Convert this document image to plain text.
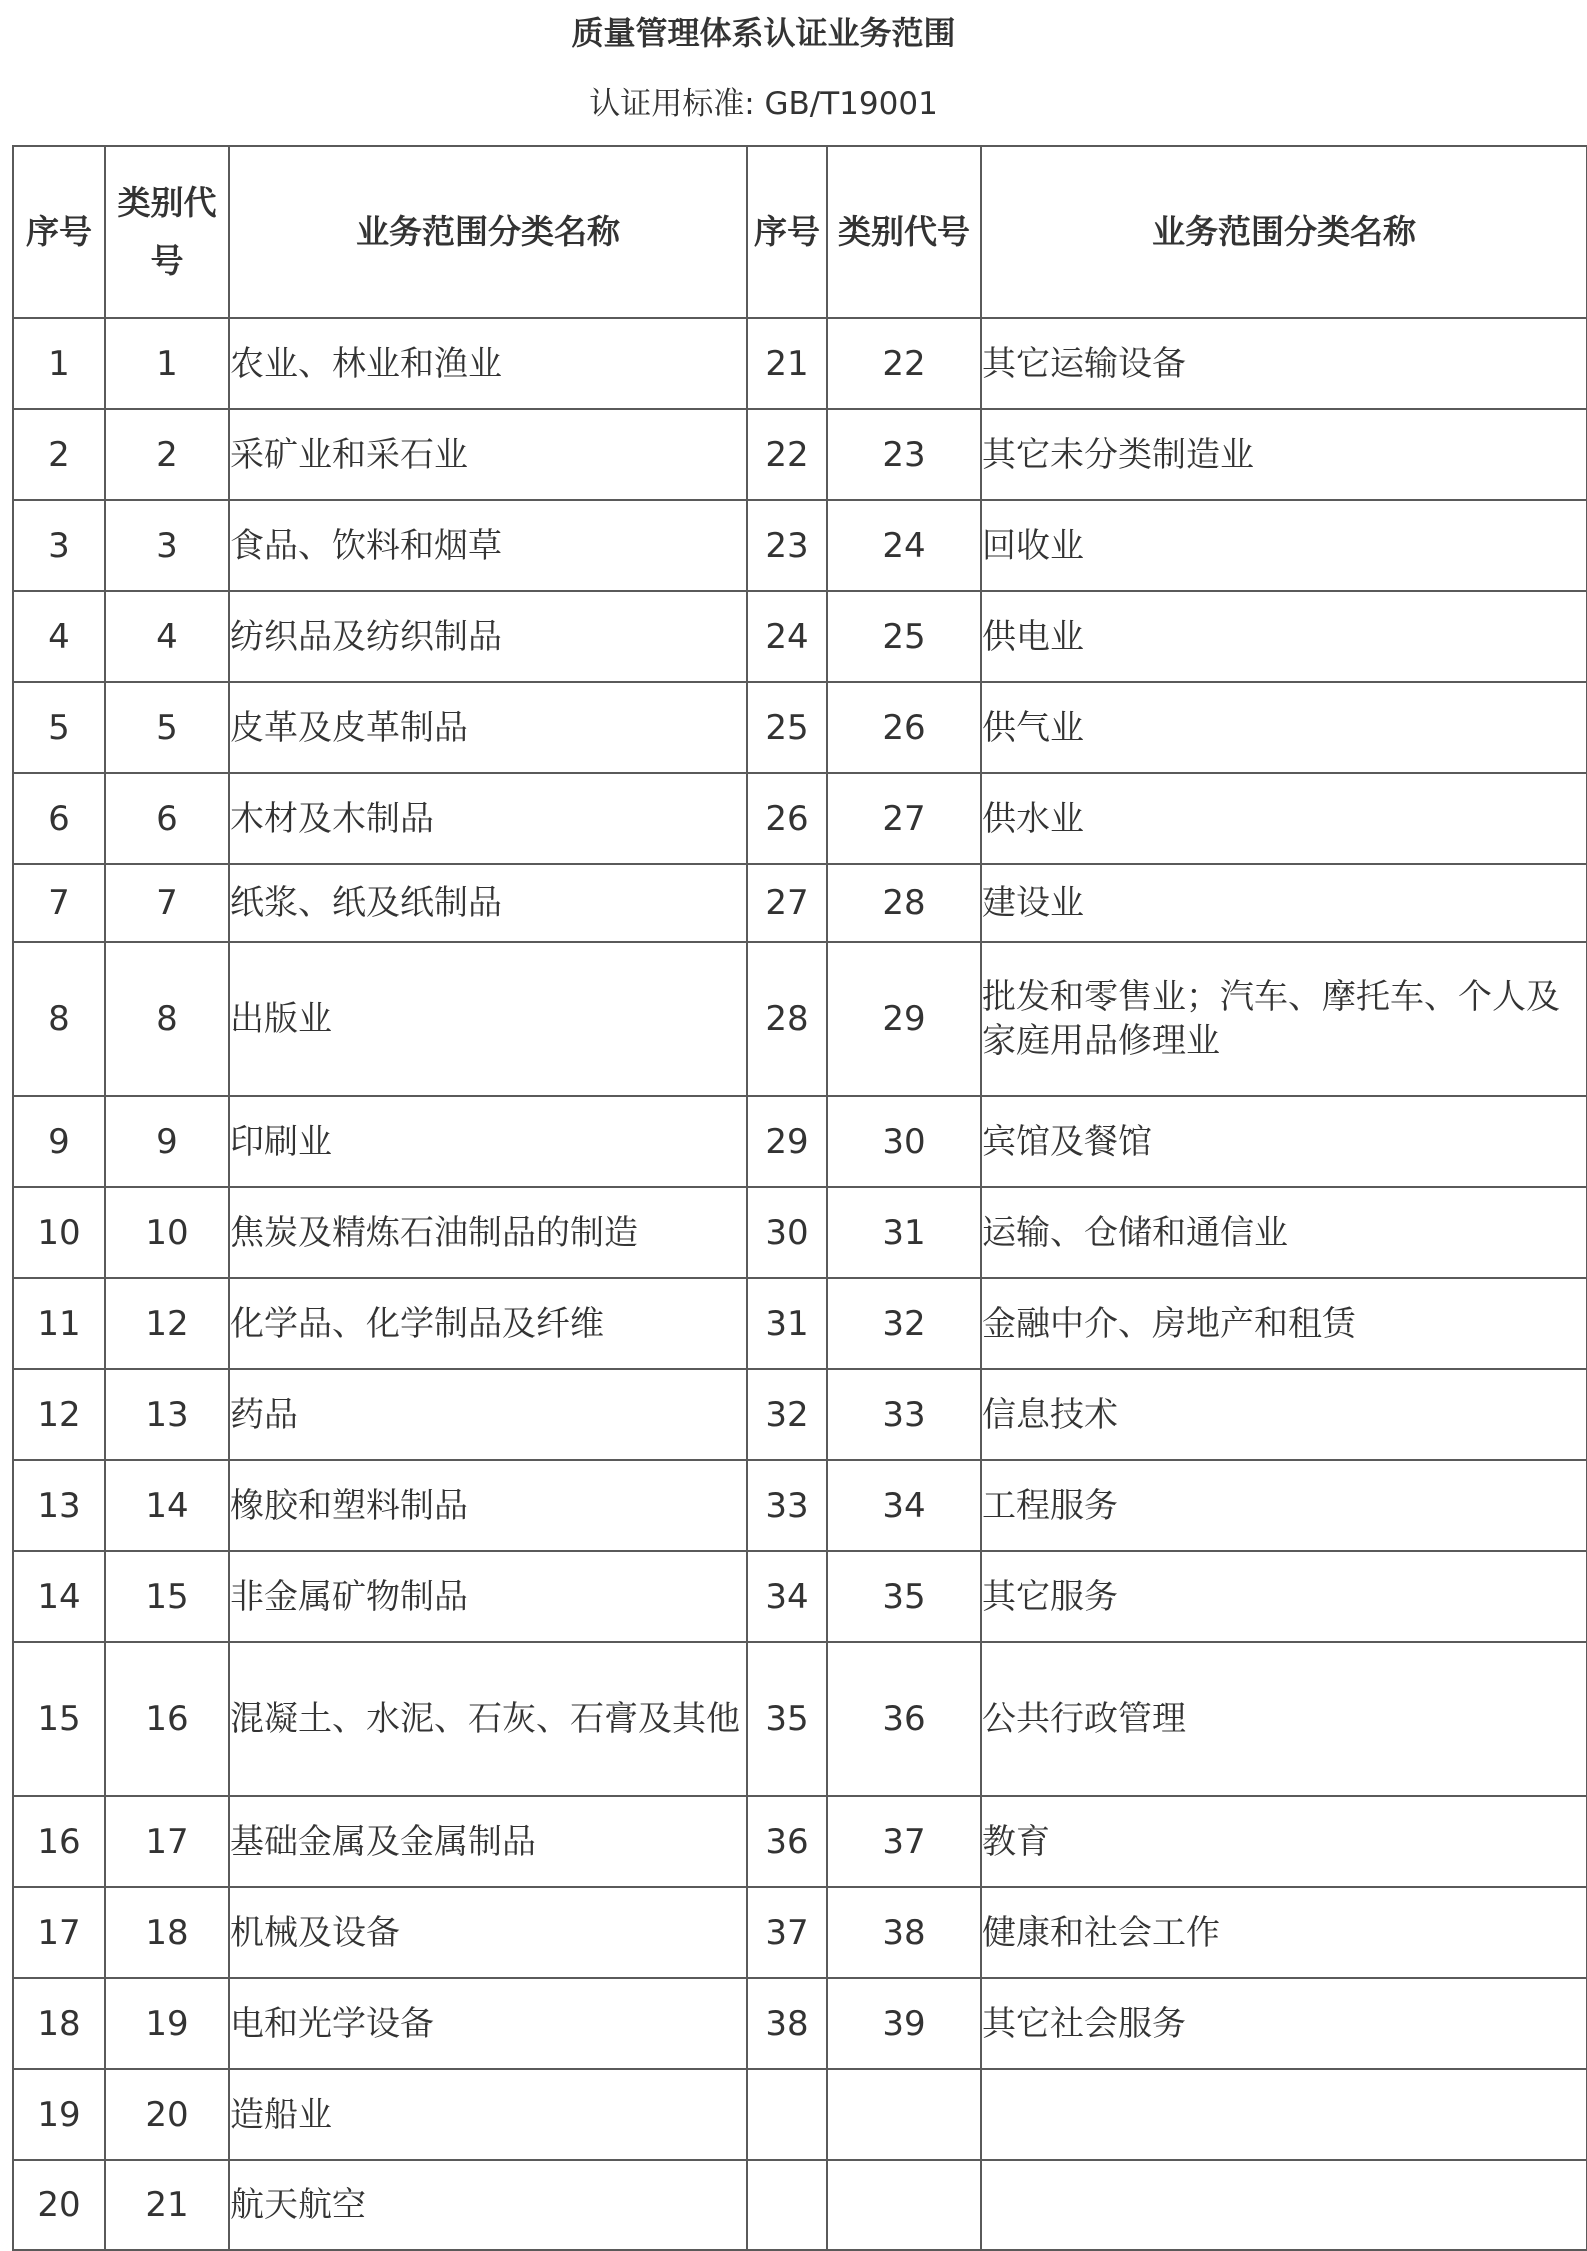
质量管理体系认证业务范围
认证用标准: GB/T19001
序号	类别代号	业务范围分类名称	序号	类别代号	业务范围分类名称
1	1	农业、林业和渔业	21	22	其它运输设备
2	2	采矿业和采石业	22	23	其它未分类制造业
3	3	食品、饮料和烟草	23	24	回收业
4	4	纺织品及纺织制品	24	25	供电业
5	5	皮革及皮革制品	25	26	供气业
6	6	木材及木制品	26	27	供水业
7	7	纸浆、纸及纸制品	27	28	建设业
8	8	出版业	28	29	批发和零售业；汽车、摩托车、个人及家庭用品修理业
9	9	印刷业	29	30	宾馆及餐馆
10	10	焦炭及精炼石油制品的制造	30	31	运输、仓储和通信业
11	12	化学品、化学制品及纤维	31	32	金融中介、房地产和租赁
12	13	药品	32	33	信息技术
13	14	橡胶和塑料制品	33	34	工程服务
14	15	非金属矿物制品	34	35	其它服务
15	16	混凝土、水泥、石灰、石膏及其他	35	36	公共行政管理
16	17	基础金属及金属制品	36	37	教育
17	18	机械及设备	37	38	健康和社会工作
18	19	电和光学设备	38	39	其它社会服务
19	20	造船业			
20	21	航天航空			
